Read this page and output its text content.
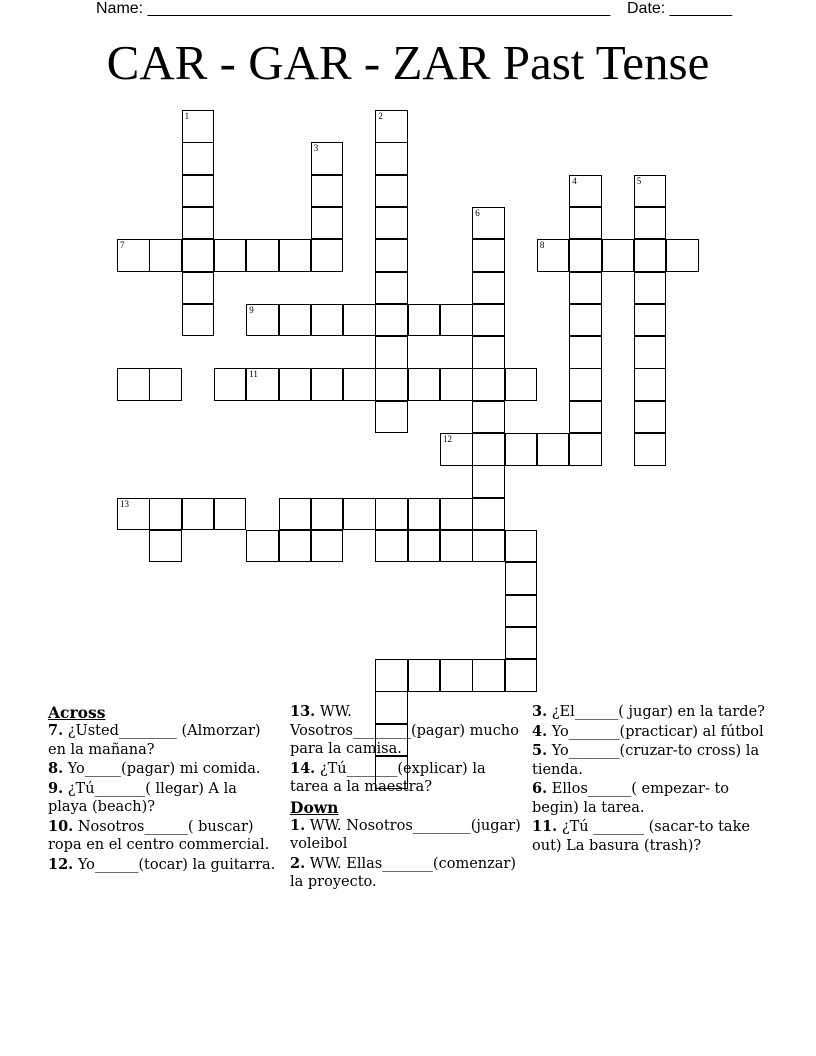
Name: ____________________________________________________ Date: _______
CAR - GAR - ZAR Past Tense
1	2
3
4	5
6
7	8
9
11
12
13
Across
7. ¿Usted________ (Almorzar) en la mañana?
8. Yo_____(pagar) mi comida.
9. ¿Tú_______( llegar) A la playa (beach)?
10. Nosotros______( buscar) ropa en el centro commercial.
12. Yo______(tocar) la guitarra.
13. WW. Vosotros________(pagar) mucho para la camisa.
14. ¿Tú_______(explicar) la tarea a la maestra?
Down
1. WW. Nosotros________(jugar) voleibol
2. WW. Ellas_______(comenzar) la proyecto.
3. ¿El______( jugar) en la tarde?
4. Yo_______(practicar) al fútbol
5. Yo_______(cruzar-to cross) la tienda.
6. Ellos______( empezar- to begin) la tarea.
11. ¿Tú _______ (sacar-to take out) La basura (trash)?
